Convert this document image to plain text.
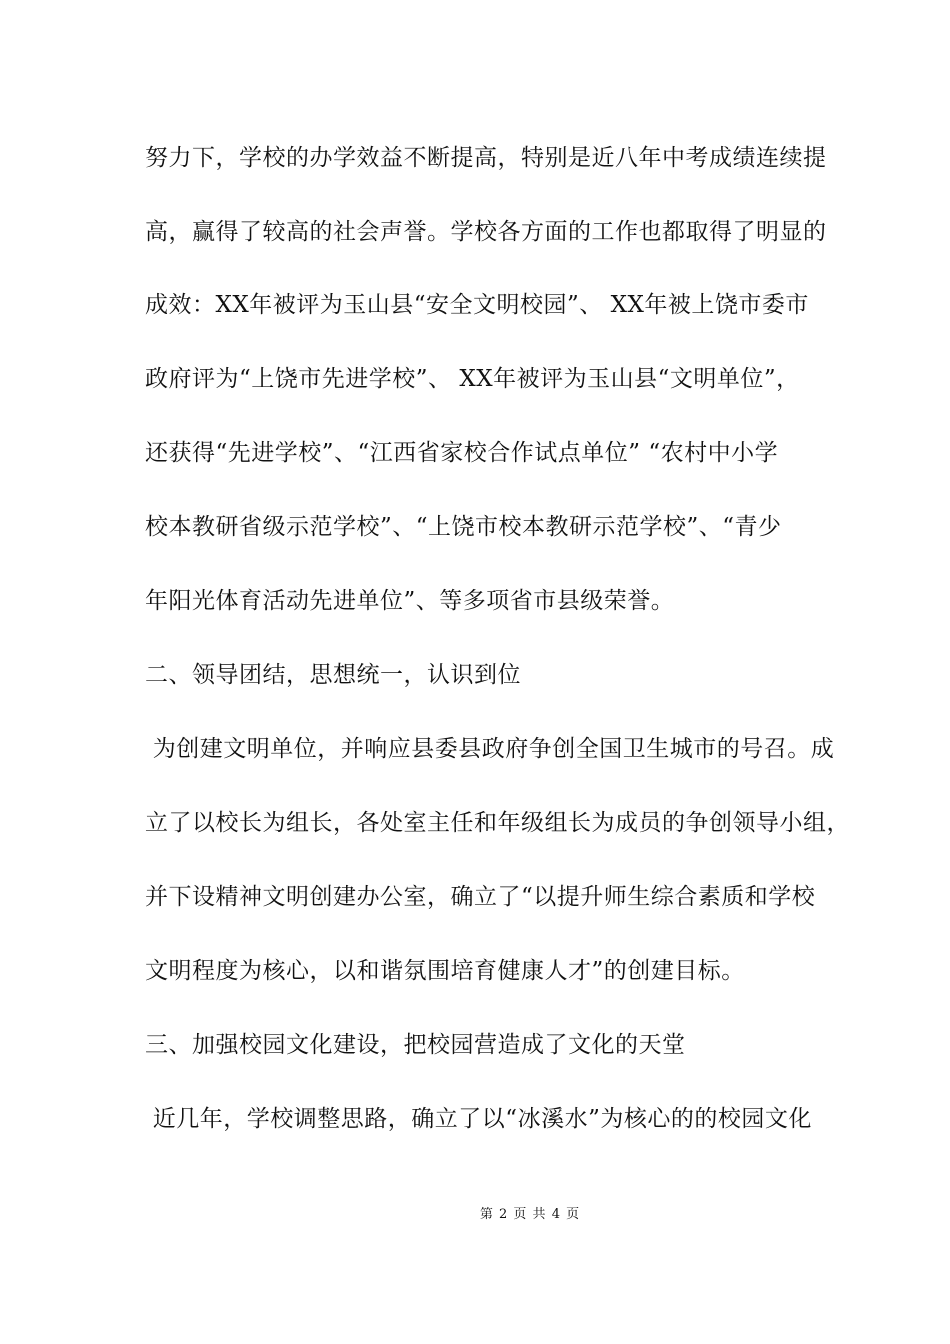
努力下，学校的办学效益不断提高，特别是近八年中考成绩连续提
高，赢得了较高的社会声誉。学校各方面的工作也都取得了明显的
成效：XX年被评为玉山县“安全文明校园”、 XX年被上饶市委市
政府评为“上饶市先进学校”、 XX年被评为玉山县“文明单位”，
还获得“先进学校”、“江西省家校合作试点单位” “农村中小学
校本教研省级示范学校”、“上饶市校本教研示范学校”、“青少
年阳光体育活动先进单位”、等多项省市县级荣誉。
二、领导团结，思想统一，认识到位
为创建文明单位，并响应县委县政府争创全国卫生城市的号召。成
立了以校长为组长，各处室主任和年级组长为成员的争创领导小组，
并下设精神文明创建办公室，确立了“以提升师生综合素质和学校
文明程度为核心，以和谐氛围培育健康人才”的创建目标。
三、加强校园文化建设，把校园营造成了文化的天堂
近几年，学校调整思路，确立了以“冰溪水”为核心的的校园文化
第 2 页 共 4 页
